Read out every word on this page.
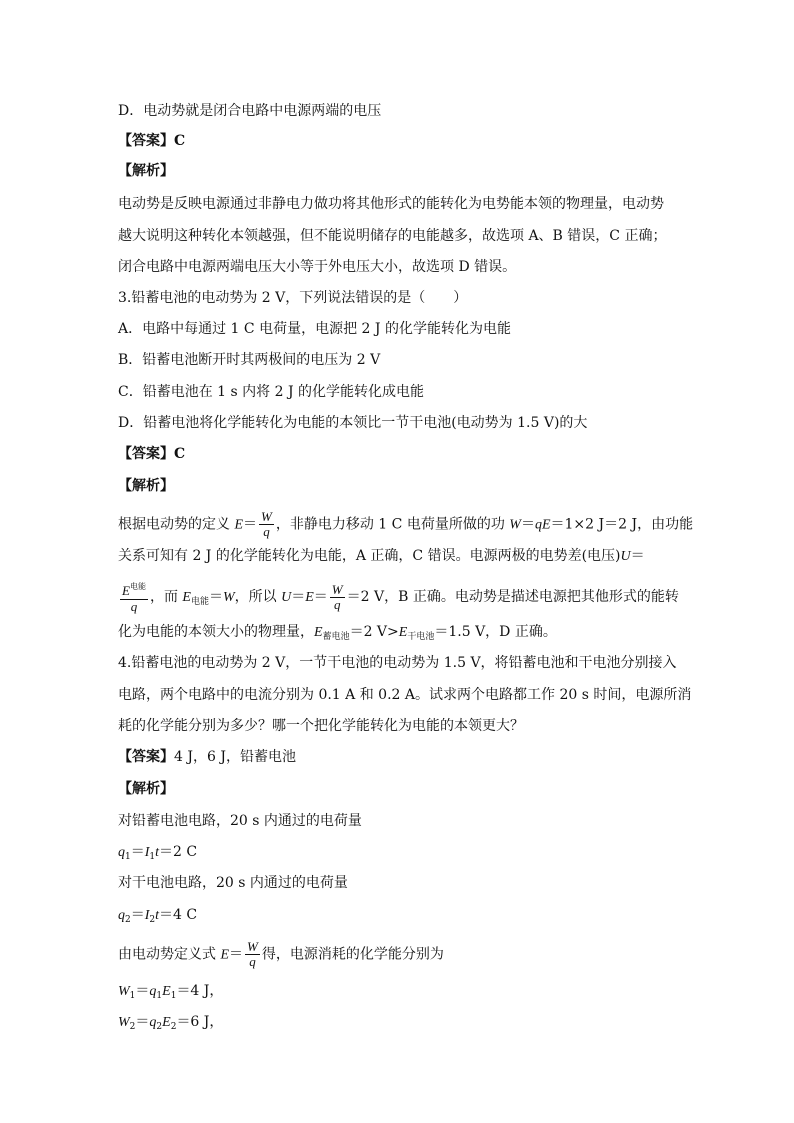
D．电动势就是闭合电路中电源两端的电压
【答案】C
【解析】
电动势是反映电源通过非静电力做功将其他形式的能转化为电势能本领的物理量，电动势
越大说明这种转化本领越强，但不能说明储存的电能越多，故选项 A、B 错误，C 正确；
闭合电路中电源两端电压大小等于外电压大小，故选项 D 错误。
3.铅蓄电池的电动势为 2 V，下列说法错误的是（　　）
A．电路中每通过 1 C 电荷量，电源把 2 J 的化学能转化为电能
B．铅蓄电池断开时其两极间的电压为 2 V
C．铅蓄电池在 1 s 内将 2 J 的化学能转化成电能
D．铅蓄电池将化学能转化为电能的本领比一节干电池(电动势为 1.5 V)的大
【答案】C
【解析】
根据电动势的定义 $E= \frac{W}{q}$ ，非静电力移动 1 C 电荷量所做的功 W＝qE＝1×2 J＝2 J，由功能
关系可知有 2 J 的化学能转化为电能，A 正确，C 错误。电源两极的电势差(电压)U＝
$\frac{E^{电能}}{q}$ ，而 $E_{电能}=W$，所以 $U=E= \frac{W}{q} =2$ V，B 正确。电动势是描述电源把其他形式的能转
化为电能的本领大小的物理量，$E_{蓄电池}=2$ $V>E_{干电池}=1.5$ V，D 正确。
4.铅蓄电池的电动势为 2 V，一节干电池的电动势为 1.5 V，将铅蓄电池和干电池分别接入
电路，两个电路中的电流分别为 0.1 A 和 0.2 A。试求两个电路都工作 20 s 时间，电源所消
耗的化学能分别为多少？哪一个把化学能转化为电能的本领更大？
【答案】4 J，6 J，铅蓄电池
【解析】
对铅蓄电池电路，20 s 内通过的电荷量
$q_1=I_1t=2$ C
对干电池电路，20 s 内通过的电荷量
$q_2=I_2t=4$ C
由电动势定义式 $E= \frac{W}{q}$ 得，电源消耗的化学能分别为
$W_1=q_1E_1=4$ J，
$W_2=q_2E_2=6$ J，
